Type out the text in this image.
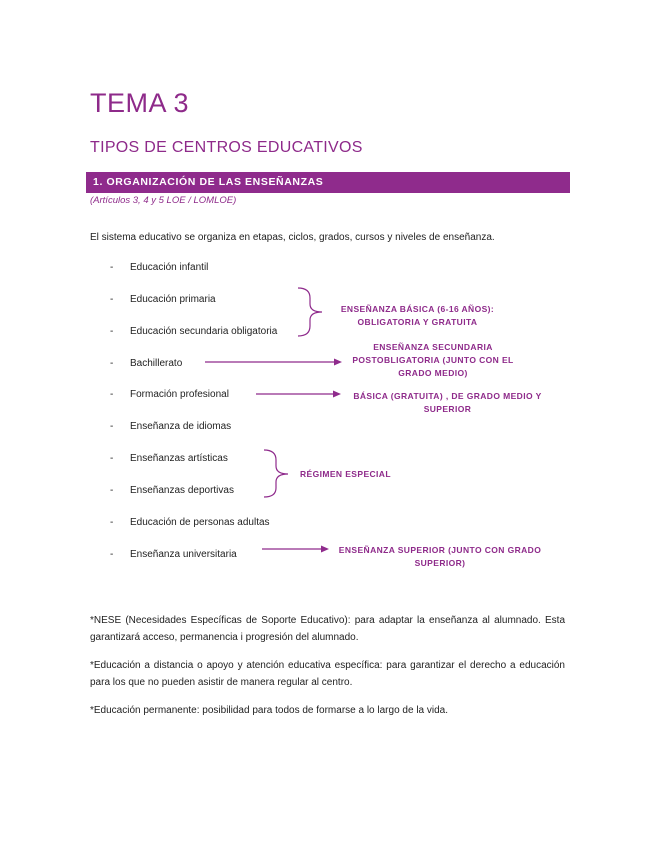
TEMA 3
TIPOS DE CENTROS EDUCATIVOS
1. ORGANIZACIÓN DE LAS ENSEÑANZAS
(Artículos 3, 4 y 5 LOE / LOMLOE)
El sistema educativo se organiza en etapas, ciclos, grados, cursos y niveles de enseñanza.
- Educación infantil
- Educación primaria
- Educación secundaria obligatoria
- Bachillerato
- Formación profesional
- Enseñanza de idiomas
- Enseñanzas artísticas
- Enseñanzas deportivas
- Educación de personas adultas
- Enseñanza universitaria
ENSEÑANZA BÁSICA (6-16 AÑOS): OBLIGATORIA Y GRATUITA
ENSEÑANZA SECUNDARIA POSTOBLIGATORIA (JUNTO CON EL GRADO MEDIO)
BÁSICA (GRATUITA) , DE GRADO MEDIO Y SUPERIOR
RÉGIMEN ESPECIAL
ENSEÑANZA SUPERIOR (JUNTO CON GRADO SUPERIOR)
*NESE (Necesidades Específicas de Soporte Educativo): para adaptar la enseñanza al alumnado. Esta garantizará acceso, permanencia i progresión del alumnado.
*Educación a distancia o apoyo y atención educativa específica: para garantizar el derecho a educación para los que no pueden asistir de manera regular al centro.
*Educación permanente: posibilidad para todos de formarse a lo largo de la vida.
